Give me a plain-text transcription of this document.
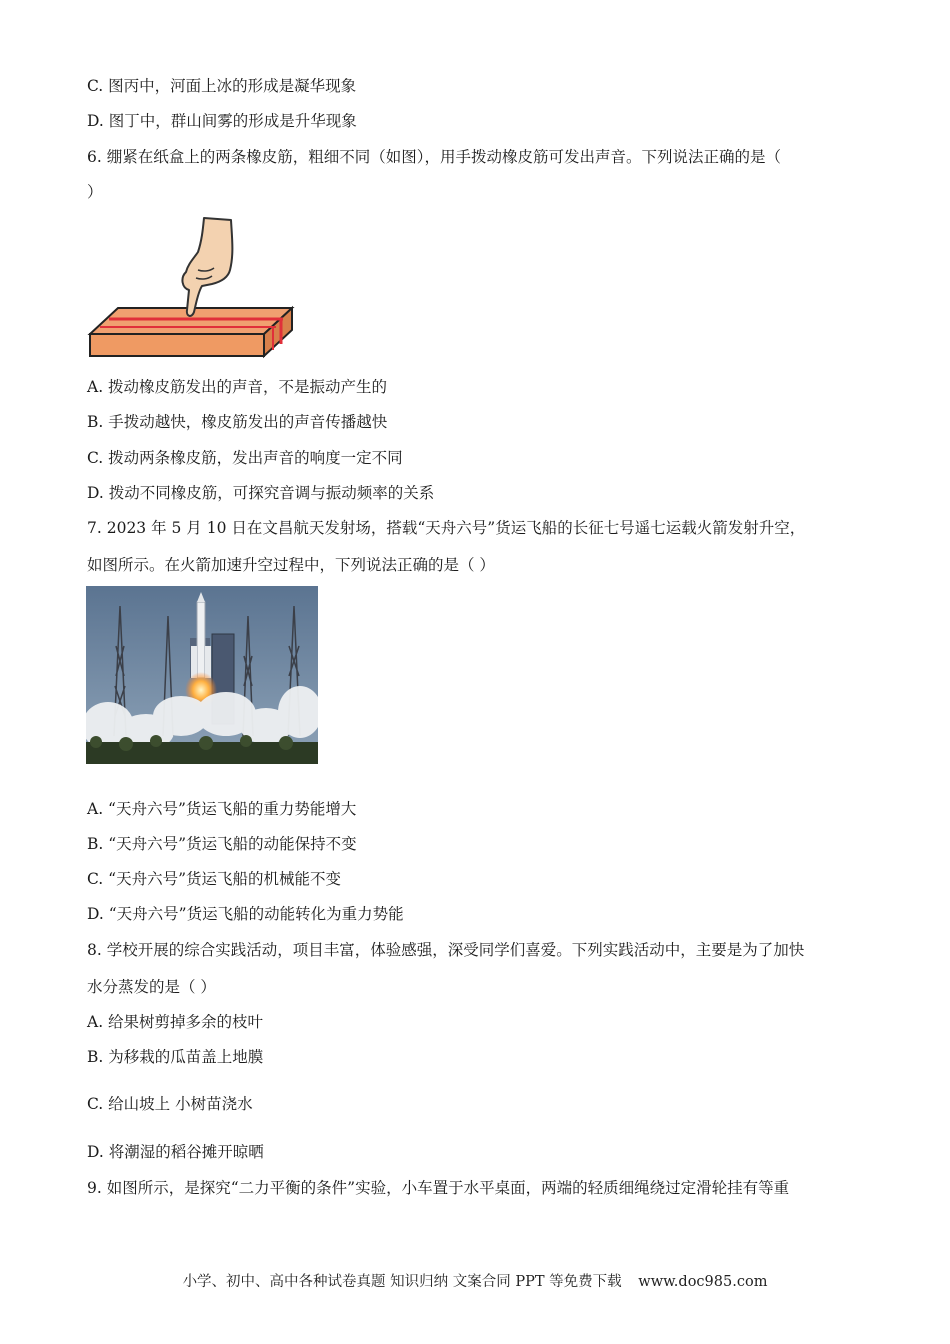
C. 图丙中，河面上冰的形成是凝华现象
D. 图丁中，群山间雾的形成是升华现象
6. 绷紧在纸盒上的两条橡皮筋，粗细不同（如图），用手拨动橡皮筋可发出声音。下列说法正确的是（
）
A. 拨动橡皮筋发出的声音，不是振动产生的
B. 手拨动越快，橡皮筋发出的声音传播越快
C. 拨动两条橡皮筋，发出声音的响度一定不同
D. 拨动不同橡皮筋，可探究音调与振动频率的关系
7. 2023 年 5 月 10 日在文昌航天发射场，搭载“天舟六号”货运飞船的长征七号遥七运载火箭发射升空，
如图所示。在火箭加速升空过程中，下列说法正确的是（ ）
A. “天舟六号”货运飞船的重力势能增大
B. “天舟六号”货运飞船的动能保持不变
C. “天舟六号”货运飞船的机械能不变
D. “天舟六号”货运飞船的动能转化为重力势能
8. 学校开展的综合实践活动，项目丰富，体验感强，深受同学们喜爱。下列实践活动中，主要是为了加快
水分蒸发的是（ ）
A. 给果树剪掉多余的枝叶
B. 为移栽的瓜苗盖上地膜
C. 给山坡上 小树苗浇水
D. 将潮湿的稻谷摊开晾晒
9. 如图所示，是探究“二力平衡的条件”实验，小车置于水平桌面，两端的轻质细绳绕过定滑轮挂有等重
小学、初中、高中各种试卷真题 知识归纳 文案合同 PPT 等免费下载 www.doc985.com
